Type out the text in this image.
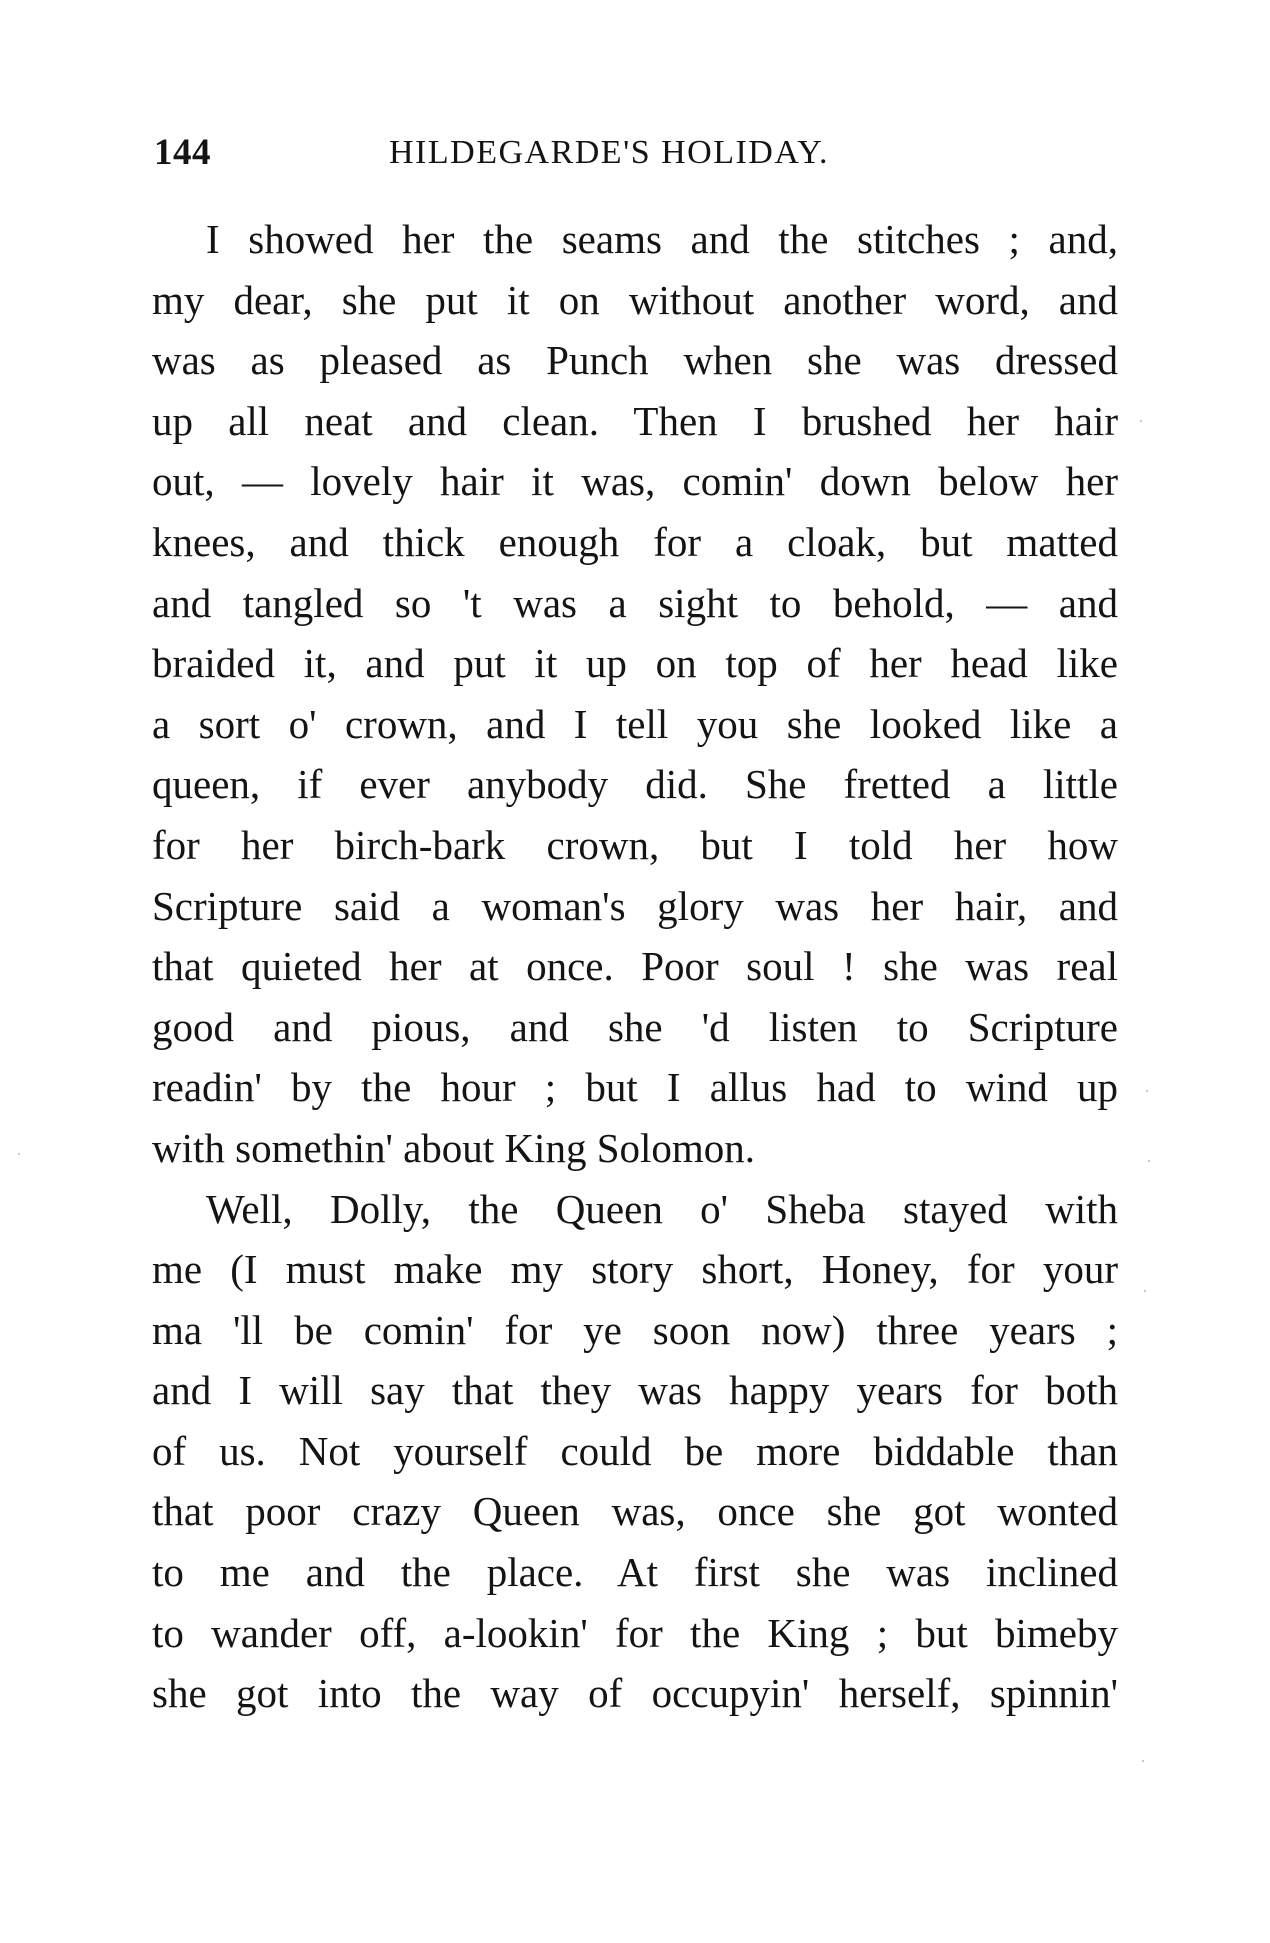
144	HILDEGARDE'S HOLIDAY.
I showed her the seams and the stitches ; and,
my dear, she put it on without another word, and
was as pleased as Punch when she was dressed
up all neat and clean. Then I brushed her hair
out, — lovely hair it was, comin' down below her
knees, and thick enough for a cloak, but matted
and tangled so 't was a sight to behold, — and
braided it, and put it up on top of her head like
a sort o' crown, and I tell you she looked like a
queen, if ever anybody did. She fretted a little
for her birch-bark crown, but I told her how
Scripture said a woman's glory was her hair, and
that quieted her at once. Poor soul ! she was real
good and pious, and she 'd listen to Scripture
readin' by the hour ; but I allus had to wind up
with somethin' about King Solomon.
Well, Dolly, the Queen o' Sheba stayed with
me (I must make my story short, Honey, for your
ma 'll be comin' for ye soon now) three years ;
and I will say that they was happy years for both
of us. Not yourself could be more biddable than
that poor crazy Queen was, once she got wonted
to me and the place. At first she was inclined
to wander off, a-lookin' for the King ; but bimeby
she got into the way of occupyin' herself, spinnin'
